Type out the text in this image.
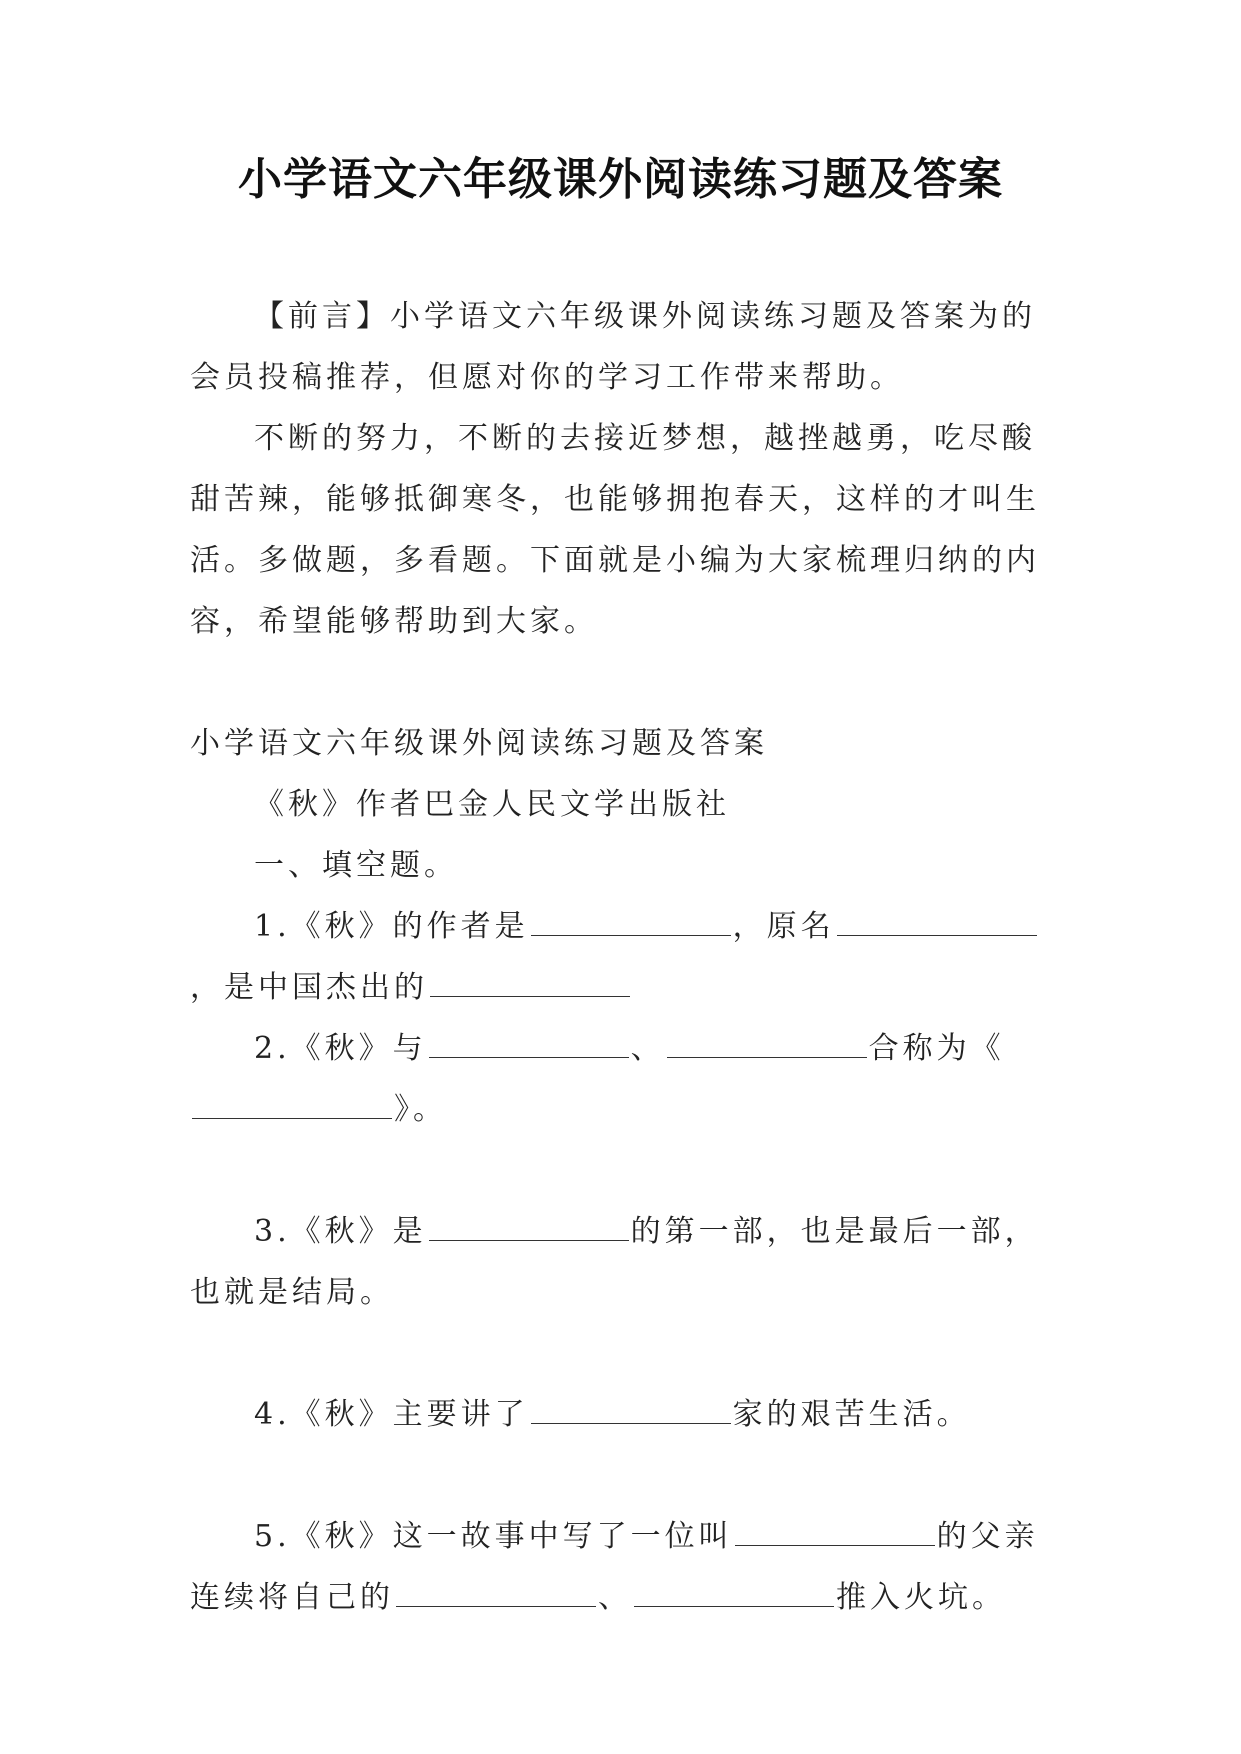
小学语文六年级课外阅读练习题及答案

【前言】小学语文六年级课外阅读练习题及答案为的会员投稿推荐，但愿对你的学习工作带来帮助。

不断的努力，不断的去接近梦想，越挫越勇，吃尽酸甜苦辣，能够抵御寒冬，也能够拥抱春天，这样的才叫生活。多做题，多看题。下面就是小编为大家梳理归纳的内容，希望能够帮助到大家。

小学语文六年级课外阅读练习题及答案

《秋》作者巴金人民文学出版社

一、填空题。

1.《秋》的作者是	，原名，是中国杰出的

2.《秋》与	、	合称为《》。

3.《秋》是	的第一部，也是最后一部，也就是结局。

4.《秋》主要讲了	家的艰苦生活。

5.《秋》这一故事中写了一位叫	的父亲连续将自己的	、	推入火坑。
